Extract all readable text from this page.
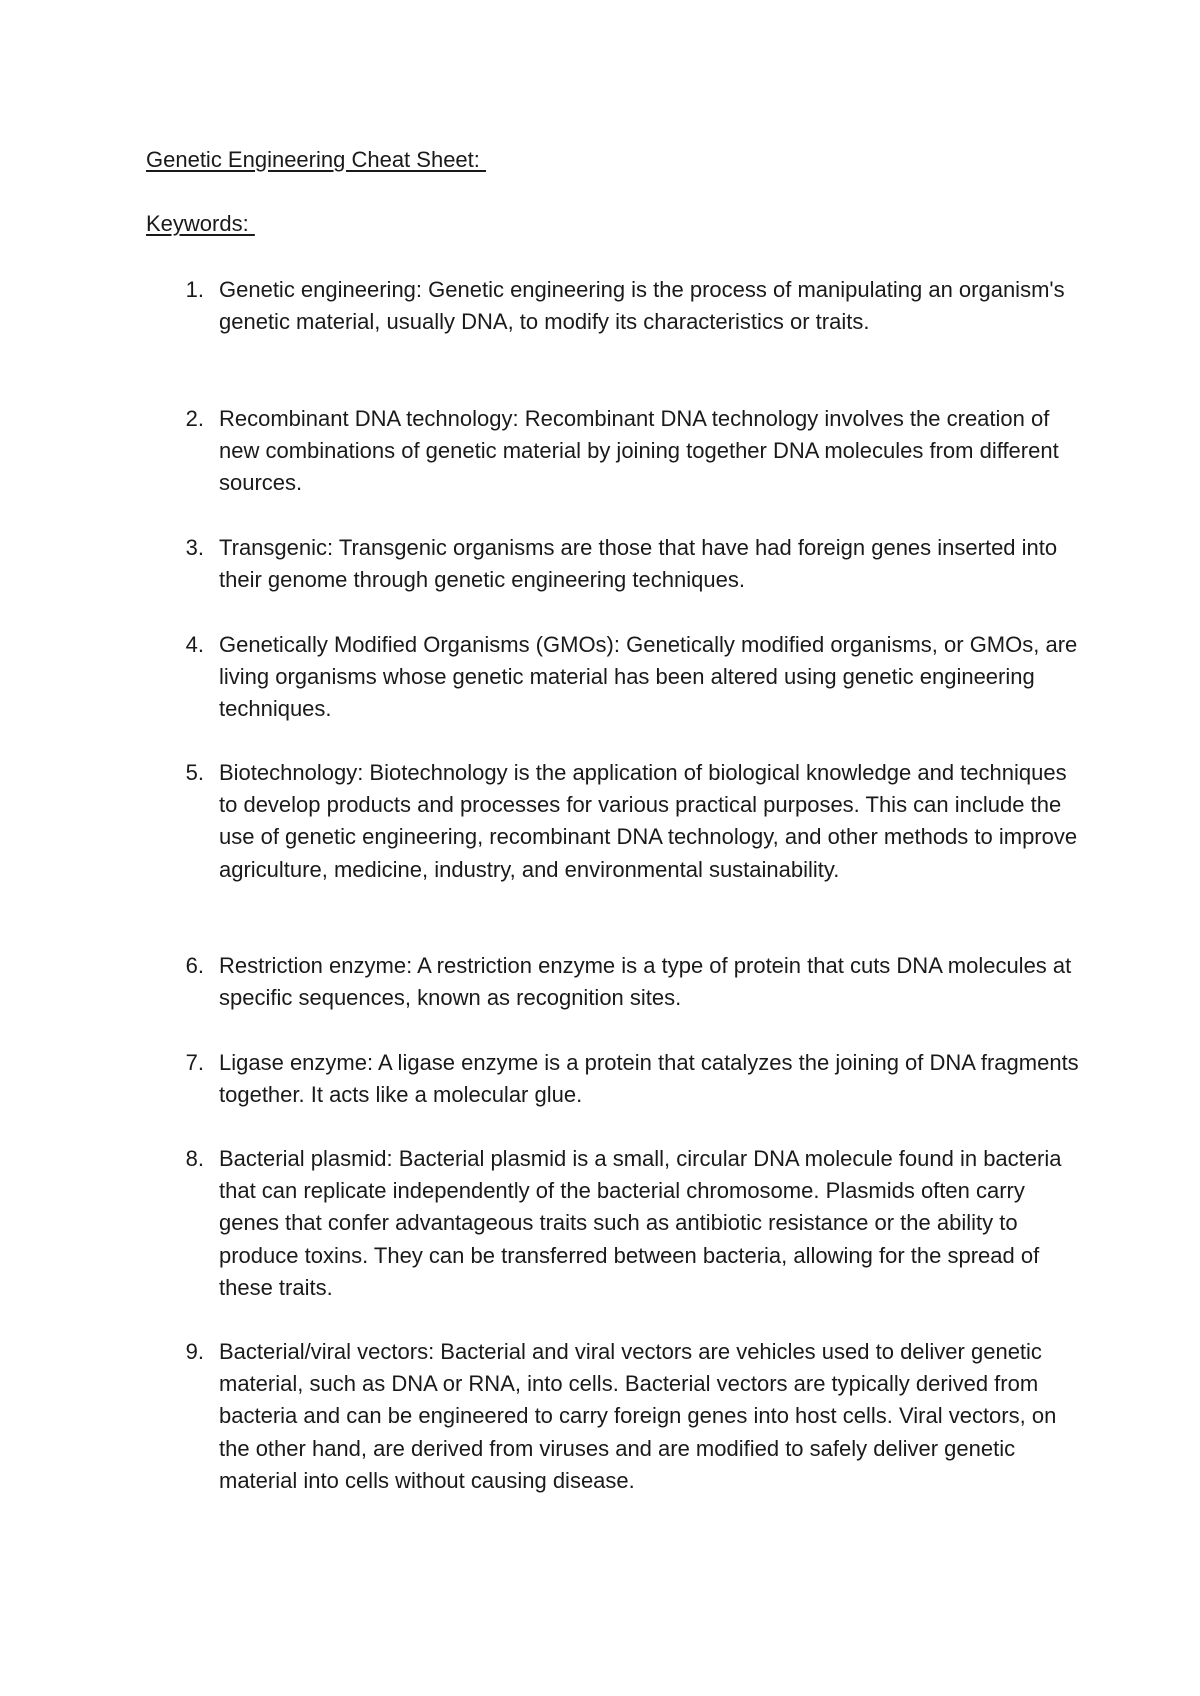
Genetic Engineering Cheat Sheet:
Keywords:
1. Genetic engineering: Genetic engineering is the process of manipulating an organism's genetic material, usually DNA, to modify its characteristics or traits.
2. Recombinant DNA technology: Recombinant DNA technology involves the creation of new combinations of genetic material by joining together DNA molecules from different sources.
3. Transgenic: Transgenic organisms are those that have had foreign genes inserted into their genome through genetic engineering techniques.
4. Genetically Modified Organisms (GMOs): Genetically modified organisms, or GMOs, are living organisms whose genetic material has been altered using genetic engineering techniques.
5. Biotechnology: Biotechnology is the application of biological knowledge and techniques to develop products and processes for various practical purposes. This can include the use of genetic engineering, recombinant DNA technology, and other methods to improve agriculture, medicine, industry, and environmental sustainability.
6. Restriction enzyme: A restriction enzyme is a type of protein that cuts DNA molecules at specific sequences, known as recognition sites.
7. Ligase enzyme: A ligase enzyme is a protein that catalyzes the joining of DNA fragments together. It acts like a molecular glue.
8. Bacterial plasmid: Bacterial plasmid is a small, circular DNA molecule found in bacteria that can replicate independently of the bacterial chromosome. Plasmids often carry genes that confer advantageous traits such as antibiotic resistance or the ability to produce toxins. They can be transferred between bacteria, allowing for the spread of these traits.
9. Bacterial/viral vectors: Bacterial and viral vectors are vehicles used to deliver genetic material, such as DNA or RNA, into cells. Bacterial vectors are typically derived from bacteria and can be engineered to carry foreign genes into host cells. Viral vectors, on the other hand, are derived from viruses and are modified to safely deliver genetic material into cells without causing disease.
